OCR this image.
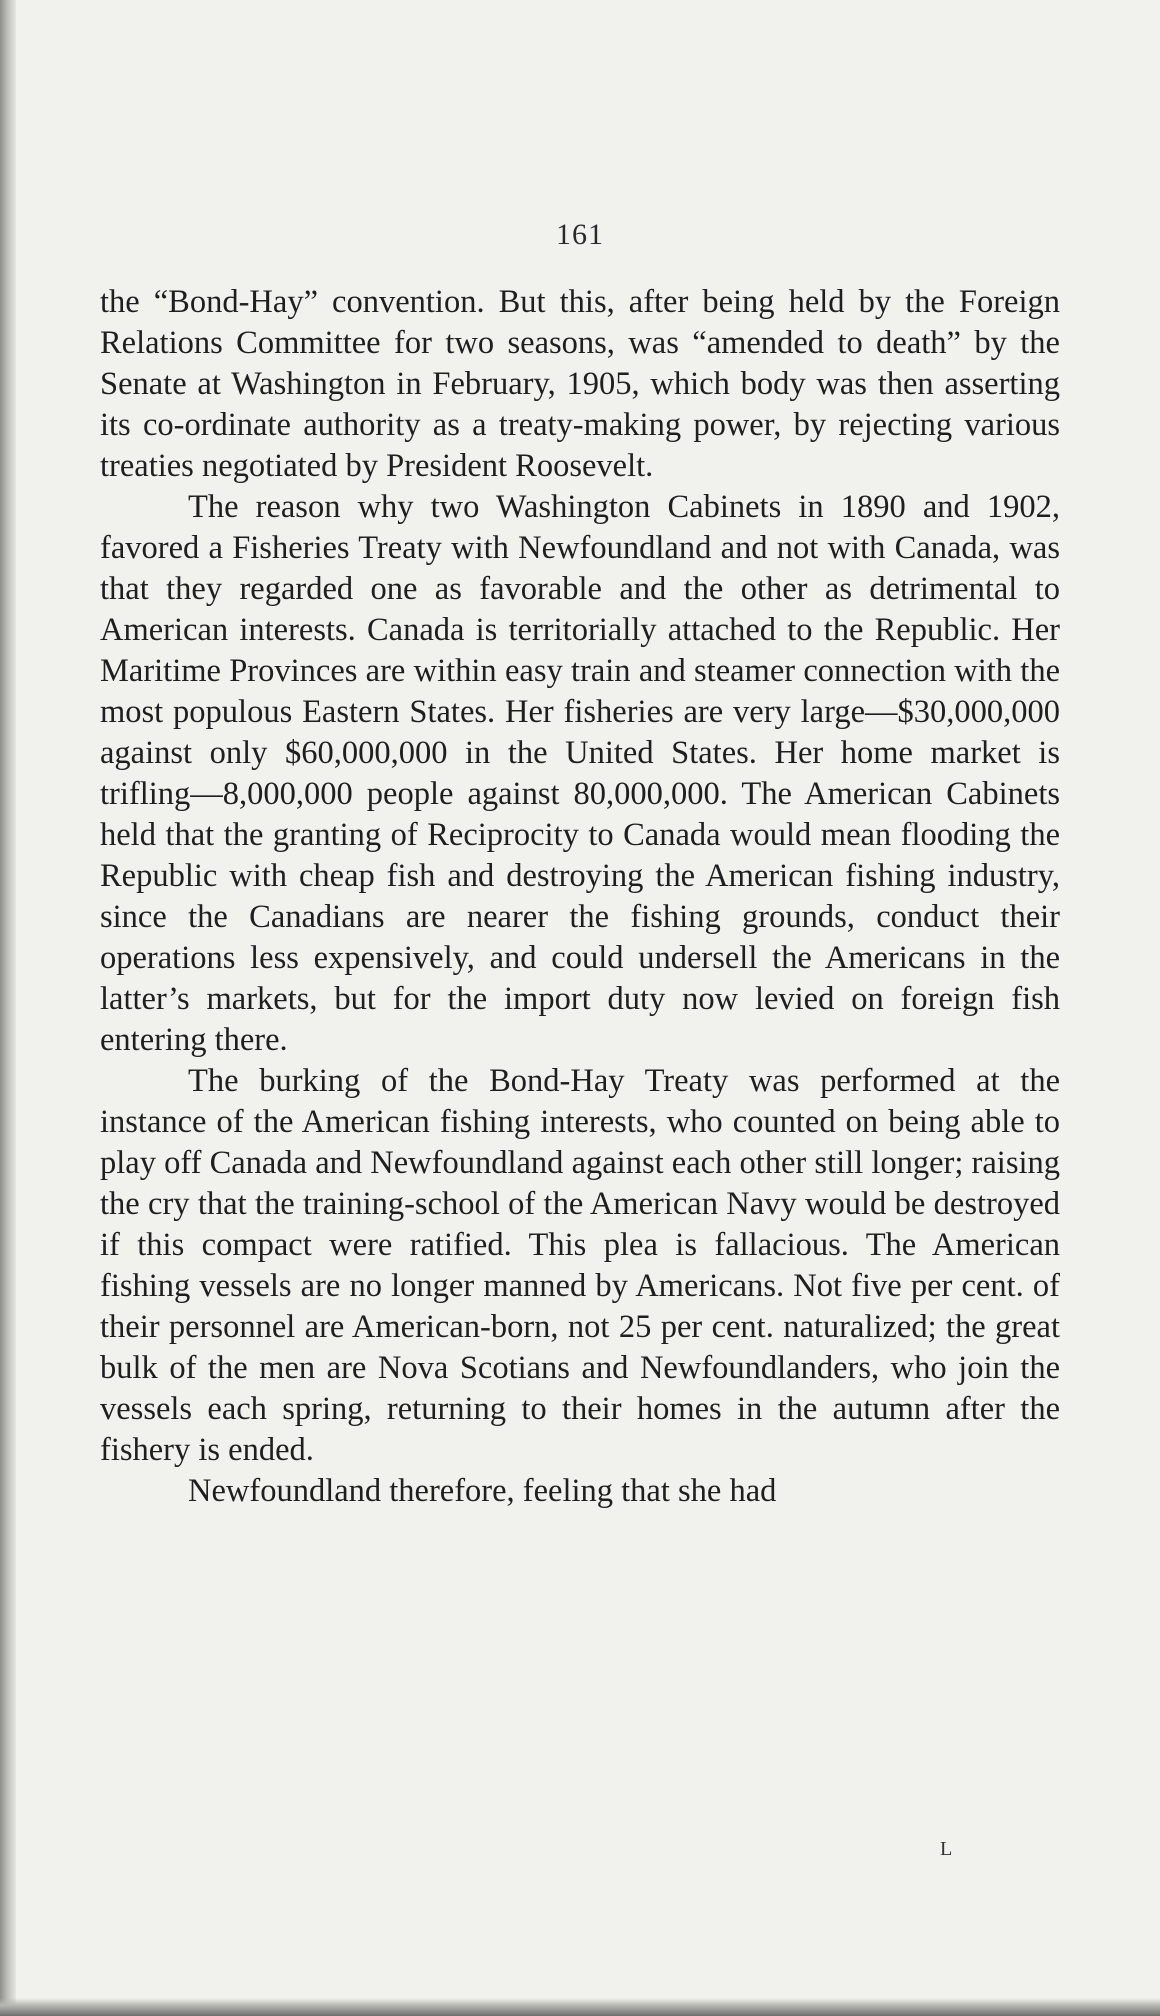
161

the “Bond-Hay” convention. But this, after being held by the Foreign Relations Committee for two seasons, was “amended to death” by the Senate at Washington in February, 1905, which body was then asserting its co-ordinate authority as a treaty-making power, by rejecting various treaties negotiated by President Roosevelt.

The reason why two Washington Cabinets in 1890 and 1902, favored a Fisheries Treaty with Newfoundland and not with Canada, was that they regarded one as favorable and the other as detrimental to American interests. Canada is territorially attached to the Republic. Her Maritime Provinces are within easy train and steamer connection with the most populous Eastern States. Her fisheries are very large—$30,000,000 against only $60,000,000 in the United States. Her home market is trifling—8,000,000 people against 80,000,000. The American Cabinets held that the granting of Reciprocity to Canada would mean flooding the Republic with cheap fish and destroying the American fishing industry, since the Canadians are nearer the fishing grounds, conduct their operations less expensively, and could undersell the Americans in the latter’s markets, but for the import duty now levied on foreign fish entering there.

The burking of the Bond-Hay Treaty was performed at the instance of the American fishing interests, who counted on being able to play off Canada and Newfoundland against each other still longer; raising the cry that the training-school of the American Navy would be destroyed if this compact were ratified. This plea is fallacious. The American fishing vessels are no longer manned by Americans. Not five per cent. of their personnel are American-born, not 25 per cent. naturalized; the great bulk of the men are Nova Scotians and Newfoundlanders, who join the vessels each spring, returning to their homes in the autumn after the fishery is ended.

Newfoundland therefore, feeling that she had

L
